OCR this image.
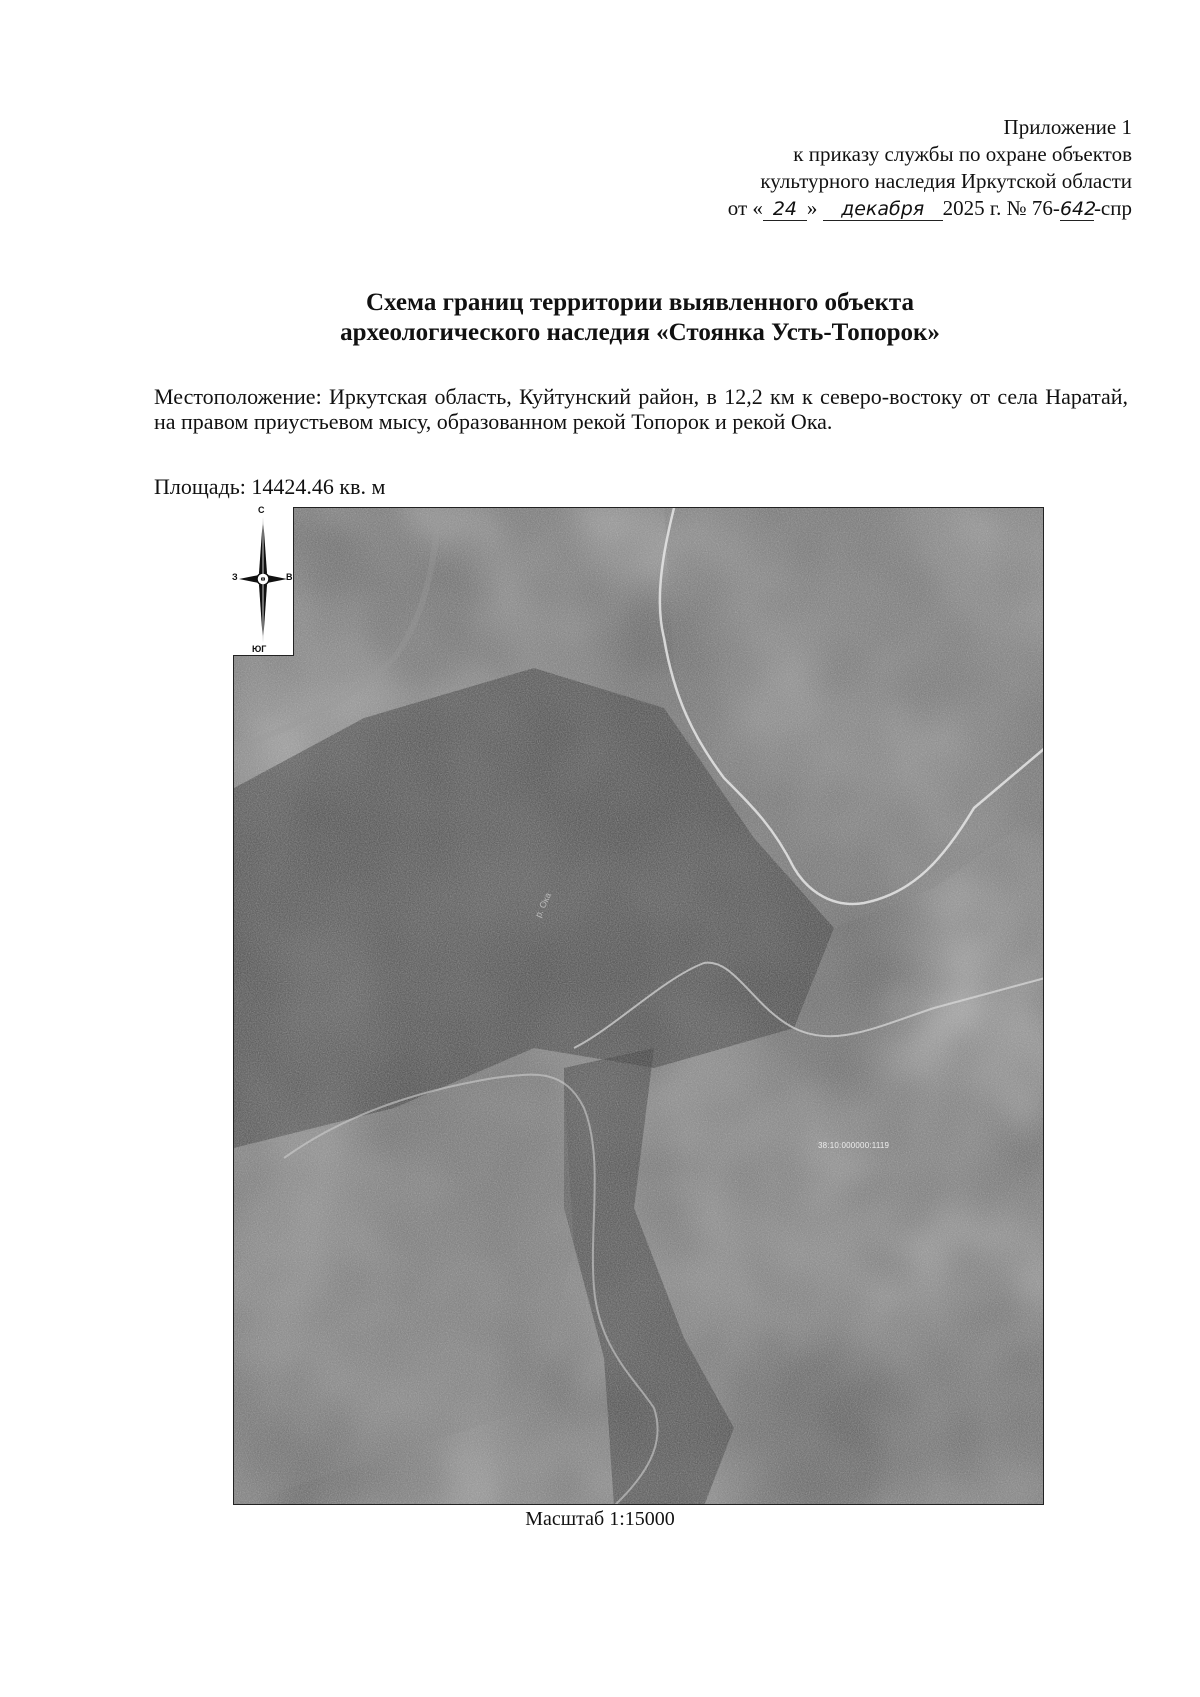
Приложение 1
к приказу службы по охране объектов
культурного наследия Иркутской области
от « 24 » декабря 2025 г. № 76-642-спр
Схема границ территории выявленного объекта
археологического наследия «Стоянка Усть-Топорок»
Местоположение: Иркутская область, Куйтунский район, в 12,2 км к северо-востоку от села Наратай, на правом приустьевом мысу, образованном рекой Топорок и рекой Ока.
Площадь: 14424.46 кв. м
р. Ока
38:10:000000:1119
С
З	В
ЮГ
Масштаб 1:15000
